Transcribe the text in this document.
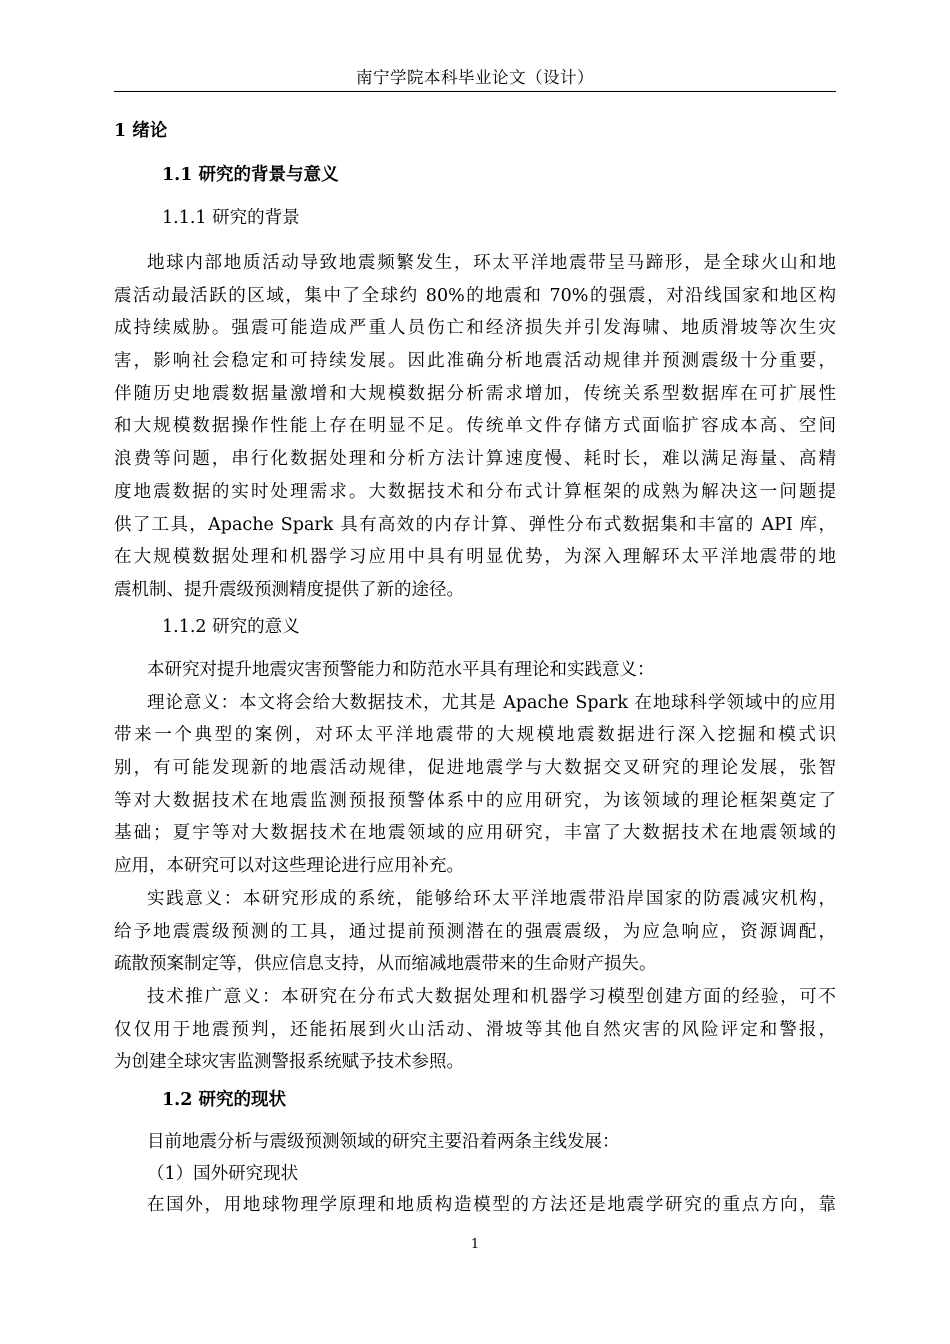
南宁学院本科毕业论文（设计）
1 绪论
1.1 研究的背景与意义
1.1.1 研究的背景
地球内部地质活动导致地震频繁发生，环太平洋地震带呈马蹄形，是全球火山和地
震活动最活跃的区域，集中了全球约 80%的地震和 70%的强震，对沿线国家和地区构
成持续威胁。强震可能造成严重人员伤亡和经济损失并引发海啸、地质滑坡等次生灾
害，影响社会稳定和可持续发展。因此准确分析地震活动规律并预测震级十分重要，
伴随历史地震数据量激增和大规模数据分析需求增加，传统关系型数据库在可扩展性
和大规模数据操作性能上存在明显不足。传统单文件存储方式面临扩容成本高、空间
浪费等问题，串行化数据处理和分析方法计算速度慢、耗时长，难以满足海量、高精
度地震数据的实时处理需求。大数据技术和分布式计算框架的成熟为解决这一问题提
供了工具，Apache Spark 具有高效的内存计算、弹性分布式数据集和丰富的 API 库，
在大规模数据处理和机器学习应用中具有明显优势，为深入理解环太平洋地震带的地
震机制、提升震级预测精度提供了新的途径。
1.1.2 研究的意义
本研究对提升地震灾害预警能力和防范水平具有理论和实践意义：
理论意义：本文将会给大数据技术，尤其是 Apache Spark 在地球科学领域中的应用
带来一个典型的案例，对环太平洋地震带的大规模地震数据进行深入挖掘和模式识
别，有可能发现新的地震活动规律，促进地震学与大数据交叉研究的理论发展，张智
等对大数据技术在地震监测预报预警体系中的应用研究，为该领域的理论框架奠定了
基础；夏宇等对大数据技术在地震领域的应用研究，丰富了大数据技术在地震领域的
应用，本研究可以对这些理论进行应用补充。
实践意义：本研究形成的系统，能够给环太平洋地震带沿岸国家的防震减灾机构，
给予地震震级预测的工具，通过提前预测潜在的强震震级，为应急响应，资源调配，
疏散预案制定等，供应信息支持，从而缩减地震带来的生命财产损失。
技术推广意义：本研究在分布式大数据处理和机器学习模型创建方面的经验，可不
仅仅用于地震预判，还能拓展到火山活动、滑坡等其他自然灾害的风险评定和警报，
为创建全球灾害监测警报系统赋予技术参照。
1.2 研究的现状
目前地震分析与震级预测领域的研究主要沿着两条主线发展：
（1）国外研究现状
在国外，用地球物理学原理和地质构造模型的方法还是地震学研究的重点方向，靠
1
